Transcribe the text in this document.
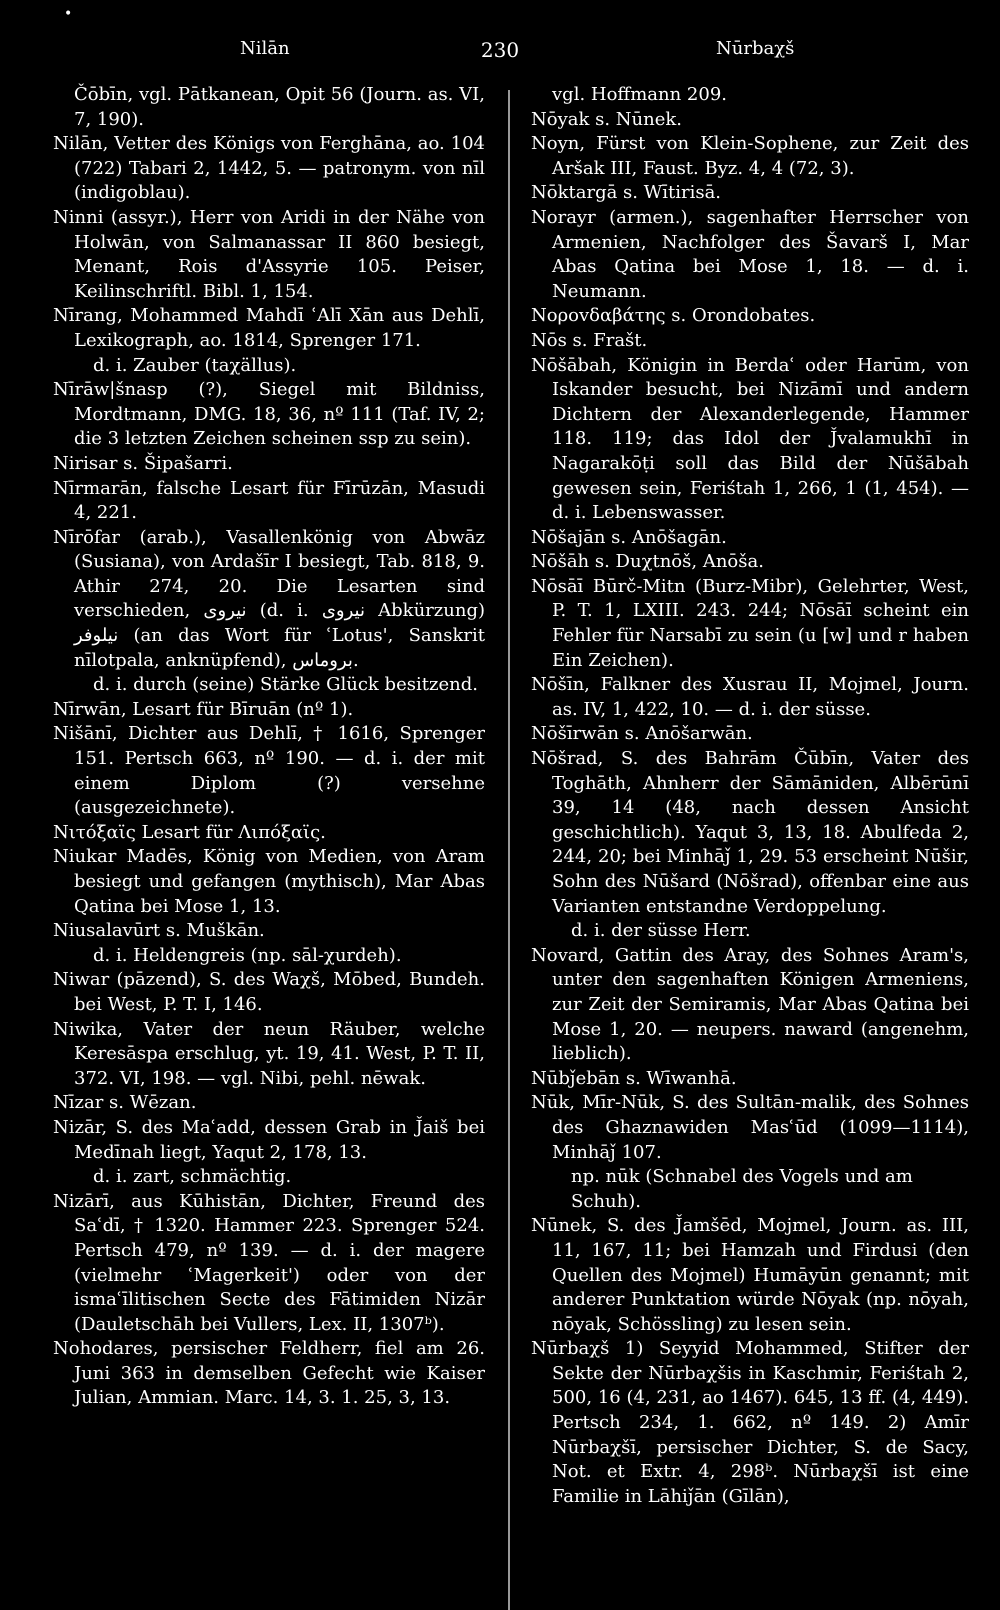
•
Nilān	230	Nūrbaχš

Čōbīn, vgl. Pātkanean, Opit 56 (Journ. as. VI, 7, 190).

Nilān, Vetter des Königs von Ferghāna, ao. 104 (722) Tabari 2, 1442, 5. — patronym. von nīl (indigoblau).

Ninni (assyr.), Herr von Aridi in der Nähe von Holwān, von Salmanassar II 860 besiegt, Menant, Rois d'Assyrie 105. Peiser, Keilinschriftl. Bibl. 1, 154.

Nīrang, Mohammed Mahdī ʿAlī Xān aus Dehlī, Lexikograph, ao. 1814, Sprenger 171.

d. i. Zauber (taχällus).

Nīrāw|šnasp (?), Siegel mit Bildniss, Mordtmann, DMG. 18, 36, nº 111 (Taf. IV, 2; die 3 letzten Zeichen scheinen ssp zu sein).

Nirisar s. Šipašarri.

Nīrmarān, falsche Lesart für Fīrūzān, Masudi 4, 221.

Nīrōfar (arab.), Vasallenkönig von Abwāz (Susiana), von Ardašīr I besiegt, Tab. 818, 9. Athir 274, 20. Die Lesarten sind verschieden, نیروی (d. i. نیروی Abkürzung) نیلوفر (an das Wort für ʿLotus', Sanskrit nīlotpala, anknüpfend), بروماس.

d. i. durch (seine) Stärke Glück besitzend.

Nīrwān, Lesart für Bīruān (nº 1).

Nišānī, Dichter aus Dehlī, † 1616, Sprenger 151. Pertsch 663, nº 190. — d. i. der mit einem Diplom (?) versehne (ausgezeichnete).

Νιτόξαϊς Lesart für Λιπόξαϊς.

Niukar Madēs, König von Medien, von Aram besiegt und gefangen (mythisch), Mar Abas Qatina bei Mose 1, 13.

Niusalavūrt s. Muškān.

d. i. Heldengreis (np. sāl-χurdeh).

Niwar (pāzend), S. des Waχš, Mōbed, Bundeh. bei West, P. T. I, 146.

Niwika, Vater der neun Räuber, welche Keresāspa erschlug, yt. 19, 41. West, P. T. II, 372. VI, 198. — vgl. Nibi, pehl. nēwak.

Nīzar s. Wēzan.

Nizār, S. des Maʿadd, dessen Grab in J̌aiš bei Medīnah liegt, Yaqut 2, 178, 13.

d. i. zart, schmächtig.

Nizārī, aus Kūhistān, Dichter, Freund des Saʿdī, † 1320. Hammer 223. Sprenger 524. Pertsch 479, nº 139. — d. i. der magere (vielmehr ʿMagerkeit') oder von der ismaʿīlitischen Secte des Fātimiden Nizār (Dauletschāh bei Vullers, Lex. II, 1307ᵇ).

Nohodares, persischer Feldherr, fiel am 26. Juni 363 in demselben Gefecht wie Kaiser Julian, Ammian. Marc. 14, 3. 1. 25, 3, 13.

vgl. Hoffmann 209.

Nōyak s. Nūnek.

Noyn, Fürst von Klein-Sophene, zur Zeit des Aršak III, Faust. Byz. 4, 4 (72, 3).

Nōktargā s. Wītirisā.

Norayr (armen.), sagenhafter Herrscher von Armenien, Nachfolger des Šavarš I, Mar Abas Qatina bei Mose 1, 18. — d. i. Neumann.

Νοροvδαβάτης s. Orondobates.

Nōs s. Frašt.

Nōšābah, Königin in Berdaʿ oder Harūm, von Iskander besucht, bei Nizāmī und andern Dichtern der Alexanderlegende, Hammer 118. 119; das Idol der J̌valamukhī in Nagarakōṭi soll das Bild der Nūšābah gewesen sein, Feriśtah 1, 266, 1 (1, 454). — d. i. Lebenswasser.

Nōšajān s. Anōšagān.

Nōšāh s. Duχtnōš, Anōša.

Nōsāī Būrč-Mitn (Burz-Mibr), Gelehrter, West, P. T. 1, LXIII. 243. 244; Nōsāī scheint ein Fehler für Narsabī zu sein (u [w] und r haben Ein Zeichen).

Nōšīn, Falkner des Xusrau II, Mojmel, Journ. as. IV, 1, 422, 10. — d. i. der süsse.

Nōšīrwān s. Anōšarwān.

Nōšrad, S. des Bahrām Čūbīn, Vater des Toghāth, Ahnherr der Sāmāniden, Albērūnī 39, 14 (48, nach dessen Ansicht geschichtlich). Yaqut 3, 13, 18. Abulfeda 2, 244, 20; bei Minhāǰ 1, 29. 53 erscheint Nūšir, Sohn des Nūšard (Nōšrad), offenbar eine aus Varianten entstandne Verdoppelung.

d. i. der süsse Herr.

Novard, Gattin des Aray, des Sohnes Aram's, unter den sagenhaften Königen Armeniens, zur Zeit der Semiramis, Mar Abas Qatina bei Mose 1, 20. — neupers. naward (angenehm, lieblich).

Nūbǰebān s. Wīwanhā.

Nūk, Mīr-Nūk, S. des Sultān-malik, des Sohnes des Ghaznawiden Masʿūd (1099—1114), Minhāǰ 107.

np. nūk (Schnabel des Vogels und am Schuh).

Nūnek, S. des J̌amšēd, Mojmel, Journ. as. III, 11, 167, 11; bei Hamzah und Firdusi (den Quellen des Mojmel) Humāyūn genannt; mit anderer Punktation würde Nōyak (np. nōyah, nōyak, Schössling) zu lesen sein.

Nūrbaχš 1) Seyyid Mohammed, Stifter der Sekte der Nūrbaχšis in Kaschmir, Feriśtah 2, 500, 16 (4, 231, ao 1467). 645, 13 ff. (4, 449). Pertsch 234, 1. 662, nº 149. 2) Amīr Nūrbaχšī, persischer Dichter, S. de Sacy, Not. et Extr. 4, 298ᵇ. Nūrbaχšī ist eine Familie in Lāhiǰān (Gīlān),
